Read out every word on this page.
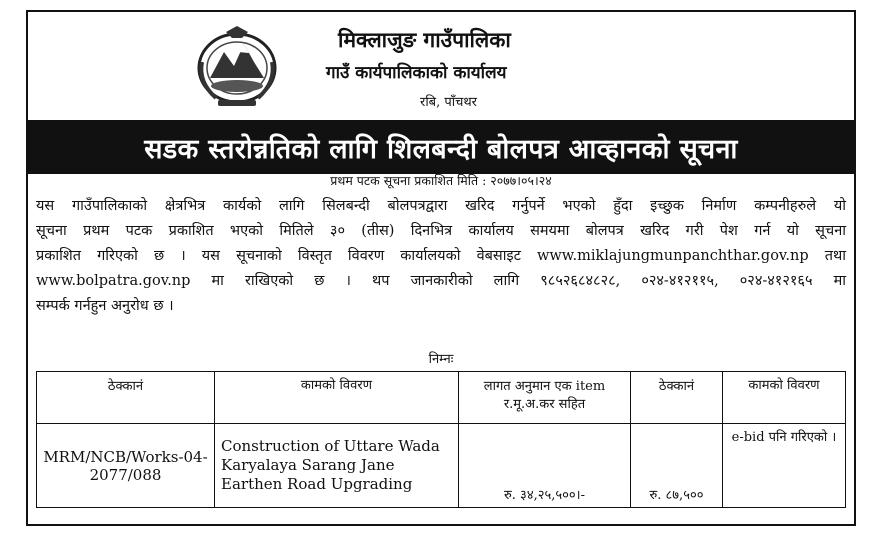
मिक्लाजुङ गाउँपालिका
गाउँ कार्यपालिकाको कार्यालय
रबि, पाँचथर
सडक स्तरोन्नतिको लागि शिलबन्दी बोलपत्र आव्हानको सूचना
प्रथम पटक सूचना प्रकाशित मिति : २०७७।०५।२४
यस गाउँपालिकाको क्षेत्रभित्र कार्यको लागि सिलबन्दी बोलपत्रद्वारा खरिद गर्नुपर्ने भएको हुँदा इच्छुक निर्माण कम्पनीहरुले यो
सूचना प्रथम पटक प्रकाशित भएको मितिले ३० (तीस) दिनभित्र कार्यालय समयमा बोलपत्र खरिद गरी पेश गर्न यो सूचना
प्रकाशित गरिएको छ । यस सूचनाको विस्तृत विवरण कार्यालयको वेबसाइट www.miklajungmunpanchthar.gov.np तथा
www.bolpatra.gov.np मा राखिएको छ । थप जानकारीको लागि ९८५२६८४८२८, ०२४-४१२११५, ०२४-४१२१६५ मा
सम्पर्क गर्नहुन अनुरोध छ ।
निम्नः
ठेक्कानं	कामको विवरण	लागत अनुमान एक item र.मू.अ.कर सहित	ठेक्कानं	कामको विवरण
MRM/NCB/Works-04-2077/088	Construction of Uttare Wada Karyalaya Sarang Jane Earthen Road Upgrading	रु. ३४,२५,५००।-	रु. ८७,५००	e-bid पनि गरिएको ।
